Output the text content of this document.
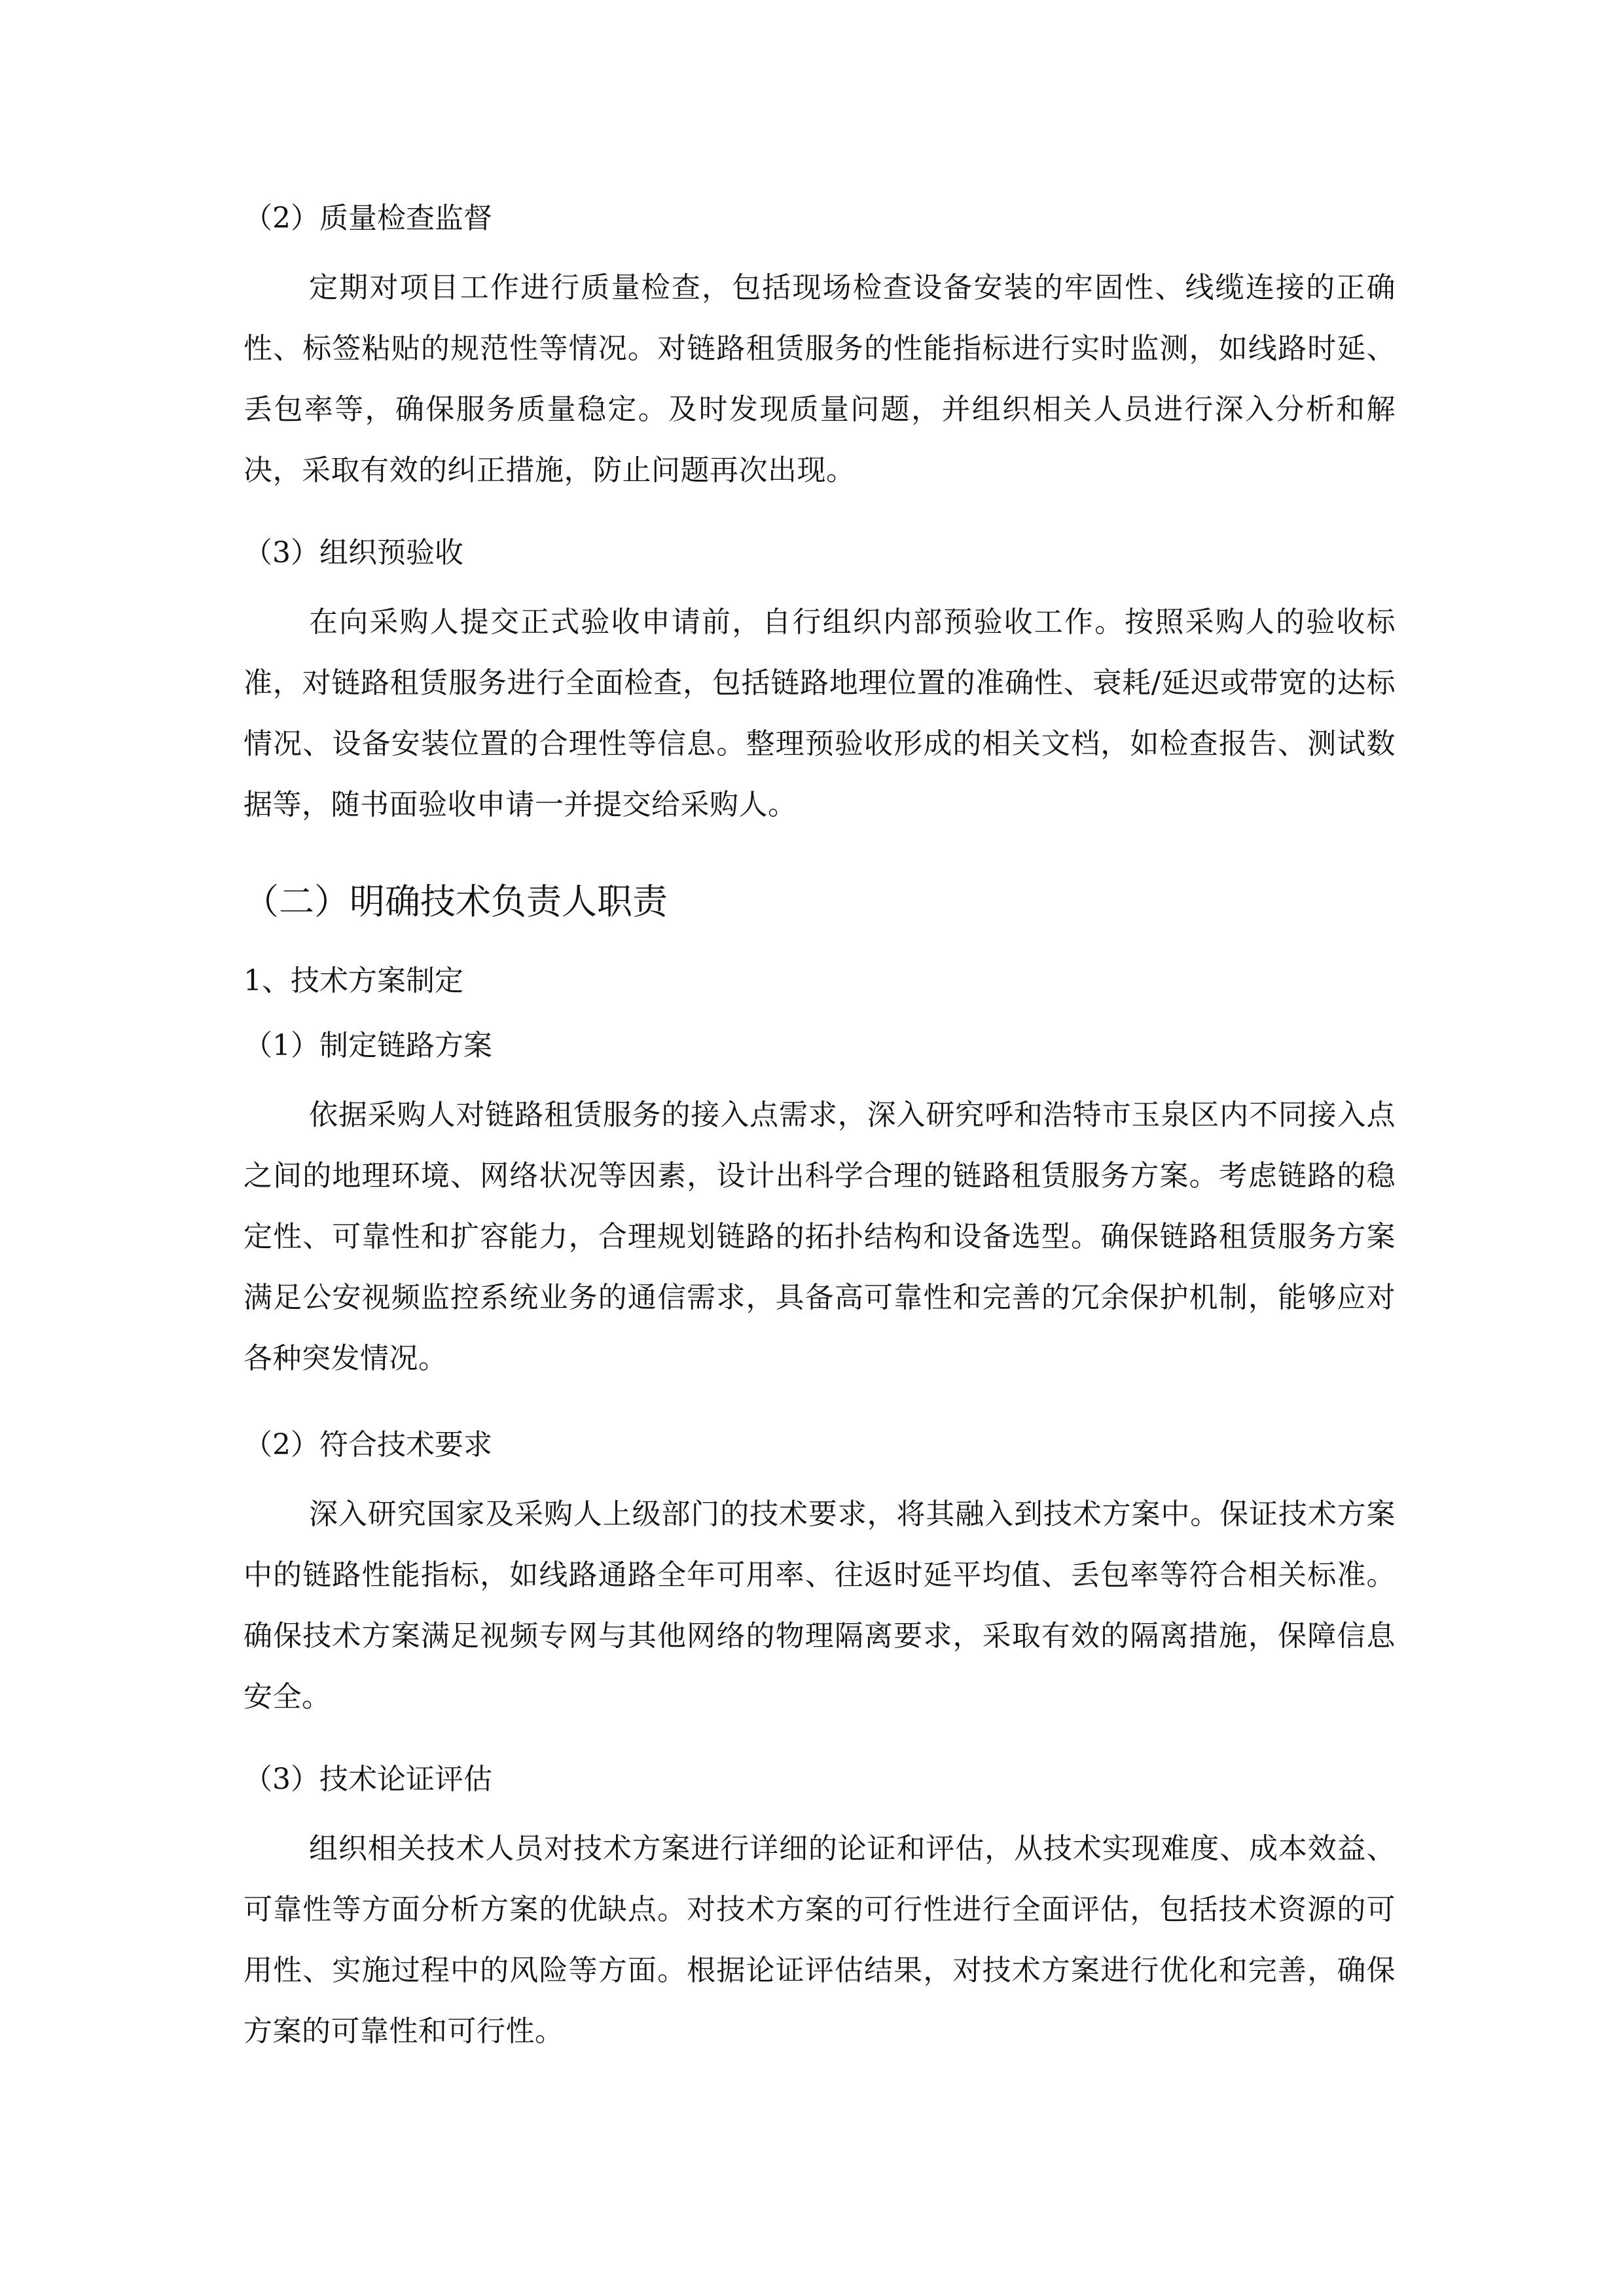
（2）质量检查监督

定期对项目工作进行质量检查，包括现场检查设备安装的牢固性、线缆连接的正确性、标签粘贴的规范性等情况。对链路租赁服务的性能指标进行实时监测，如线路时延、丢包率等，确保服务质量稳定。及时发现质量问题，并组织相关人员进行深入分析和解决，采取有效的纠正措施，防止问题再次出现。

（3）组织预验收

在向采购人提交正式验收申请前，自行组织内部预验收工作。按照采购人的验收标准，对链路租赁服务进行全面检查，包括链路地理位置的准确性、衰耗/延迟或带宽的达标情况、设备安装位置的合理性等信息。整理预验收形成的相关文档，如检查报告、测试数据等，随书面验收申请一并提交给采购人。

（二）明确技术负责人职责
1、技术方案制定
（1）制定链路方案

依据采购人对链路租赁服务的接入点需求，深入研究呼和浩特市玉泉区内不同接入点之间的地理环境、网络状况等因素，设计出科学合理的链路租赁服务方案。考虑链路的稳定性、可靠性和扩容能力，合理规划链路的拓扑结构和设备选型。确保链路租赁服务方案满足公安视频监控系统业务的通信需求，具备高可靠性和完善的冗余保护机制，能够应对各种突发情况。

（2）符合技术要求

深入研究国家及采购人上级部门的技术要求，将其融入到技术方案中。保证技术方案中的链路性能指标，如线路通路全年可用率、往返时延平均值、丢包率等符合相关标准。确保技术方案满足视频专网与其他网络的物理隔离要求，采取有效的隔离措施，保障信息安全。

（3）技术论证评估

组织相关技术人员对技术方案进行详细的论证和评估，从技术实现难度、成本效益、可靠性等方面分析方案的优缺点。对技术方案的可行性进行全面评估，包括技术资源的可用性、实施过程中的风险等方面。根据论证评估结果，对技术方案进行优化和完善，确保方案的可靠性和可行性。
